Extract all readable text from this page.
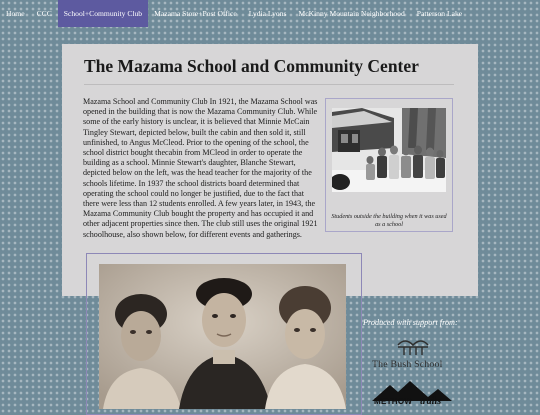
Home	CCC	School+Community Club	Mazama Store+Post Office	Lydia Lyons	McKinny Mountain Neighborhood	Patterson Lake
The Mazama School and Community Center

Mazama School and Community Club In 1921, the Mazama School was opened in the building that is now the Mazama Community Club. While some of the early history is unclear, it is believed that Minnie McCain Tingley Stewart, depicted below, built the cabin and then sold it, still unfinished, to Angus McCleod. Prior to the opening of the school, the school district bought thecabin from MCleod in order to operate the building as a school. Minnie Stewart's daughter, Blanche Stewart, depicted below on the left, was the head teacher for the majority of the schools lifetime. In 1937 the school districts board determined that operating the school could no longer be justified, due to the fact that there were less than 12 students enrolled. A few years later, in 1943, the Mazama Community Club bought the property and has occupied it and other adjacent properties since then. The club still uses the original 1921 schoolhouse, also shown below, for different events and gatherings.

Students outside the building when it was used as a school
Produced with support from:
The Bush School
METHOW trails
